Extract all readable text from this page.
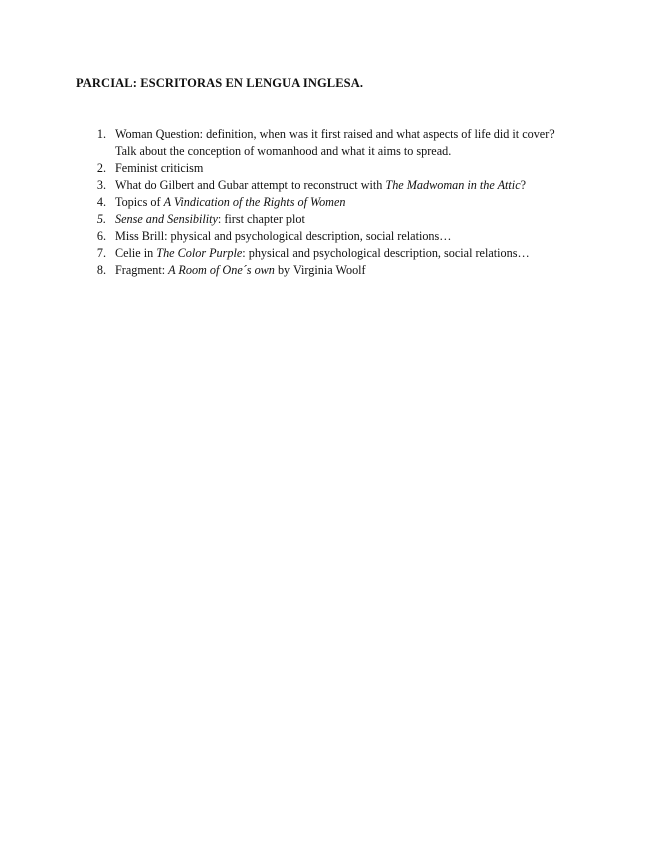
PARCIAL: ESCRITORAS EN LENGUA INGLESA.
1. Woman Question: definition, when was it first raised and what aspects of life did it cover? Talk about the conception of womanhood and what it aims to spread.
2. Feminist criticism
3. What do Gilbert and Gubar attempt to reconstruct with The Madwoman in the Attic?
4. Topics of A Vindication of the Rights of Women
5. Sense and Sensibility: first chapter plot
6. Miss Brill: physical and psychological description, social relations…
7. Celie in The Color Purple: physical and psychological description, social relations…
8. Fragment: A Room of One´s own by Virginia Woolf
